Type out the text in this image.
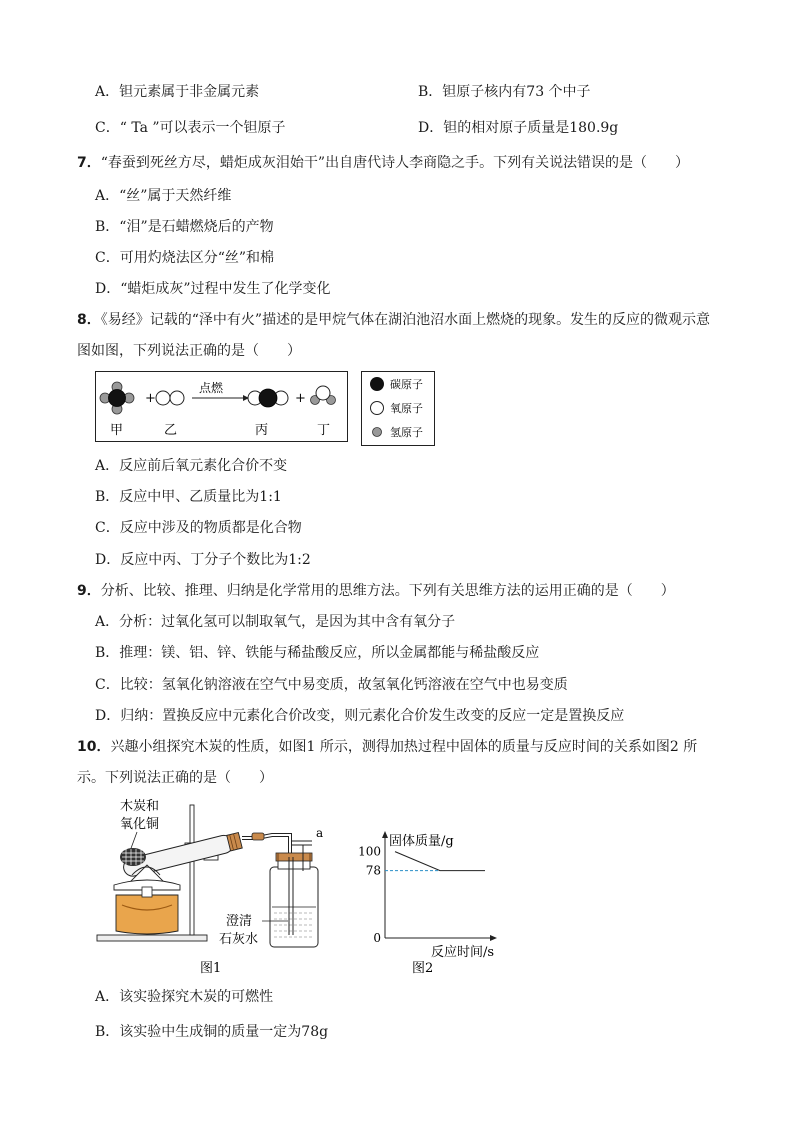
A．钽元素属于非金属元素	B．钽原子核内有73 个中子
C．“ Ta ”可以表示一个钽原子	D．钽的相对原子质量是180.9g
7．“春蚕到死丝方尽，蜡炬成灰泪始干”出自唐代诗人李商隐之手。下列有关说法错误的是（　　）
A．“丝”属于天然纤维
B．“泪”是石蜡燃烧后的产物
C．可用灼烧法区分“丝”和棉
D．“蜡炬成灰”过程中发生了化学变化
8．《易经》记载的“泽中有火”描述的是甲烷气体在湖泊池沼水面上燃烧的现象。发生的反应的微观示意
图如图，下列说法正确的是（　　）
+
点燃
+
甲	乙	丙	丁
碳原子
氧原子
氢原子
A．反应前后氧元素化合价不变
B．反应中甲、乙质量比为1:1
C．反应中涉及的物质都是化合物
D．反应中丙、丁分子个数比为1:2
9．分析、比较、推理、归纳是化学常用的思维方法。下列有关思维方法的运用正确的是（　　）
A．分析：过氧化氢可以制取氧气，是因为其中含有氧分子
B．推理：镁、铝、锌、铁能与稀盐酸反应，所以金属都能与稀盐酸反应
C．比较：氢氧化钠溶液在空气中易变质，故氢氧化钙溶液在空气中也易变质
D．归纳：置换反应中元素化合价改变，则元素化合价发生改变的反应一定是置换反应
10．兴趣小组探究木炭的性质，如图1 所示，测得加热过程中固体的质量与反应时间的关系如图2 所
示。下列说法正确的是（　　）
木炭和
氧化铜
a
澄清
石灰水
图1
固体质量/g
反应时间/s
图2
0
78
100
A．该实验探究木炭的可燃性
B．该实验中生成铜的质量一定为78g
